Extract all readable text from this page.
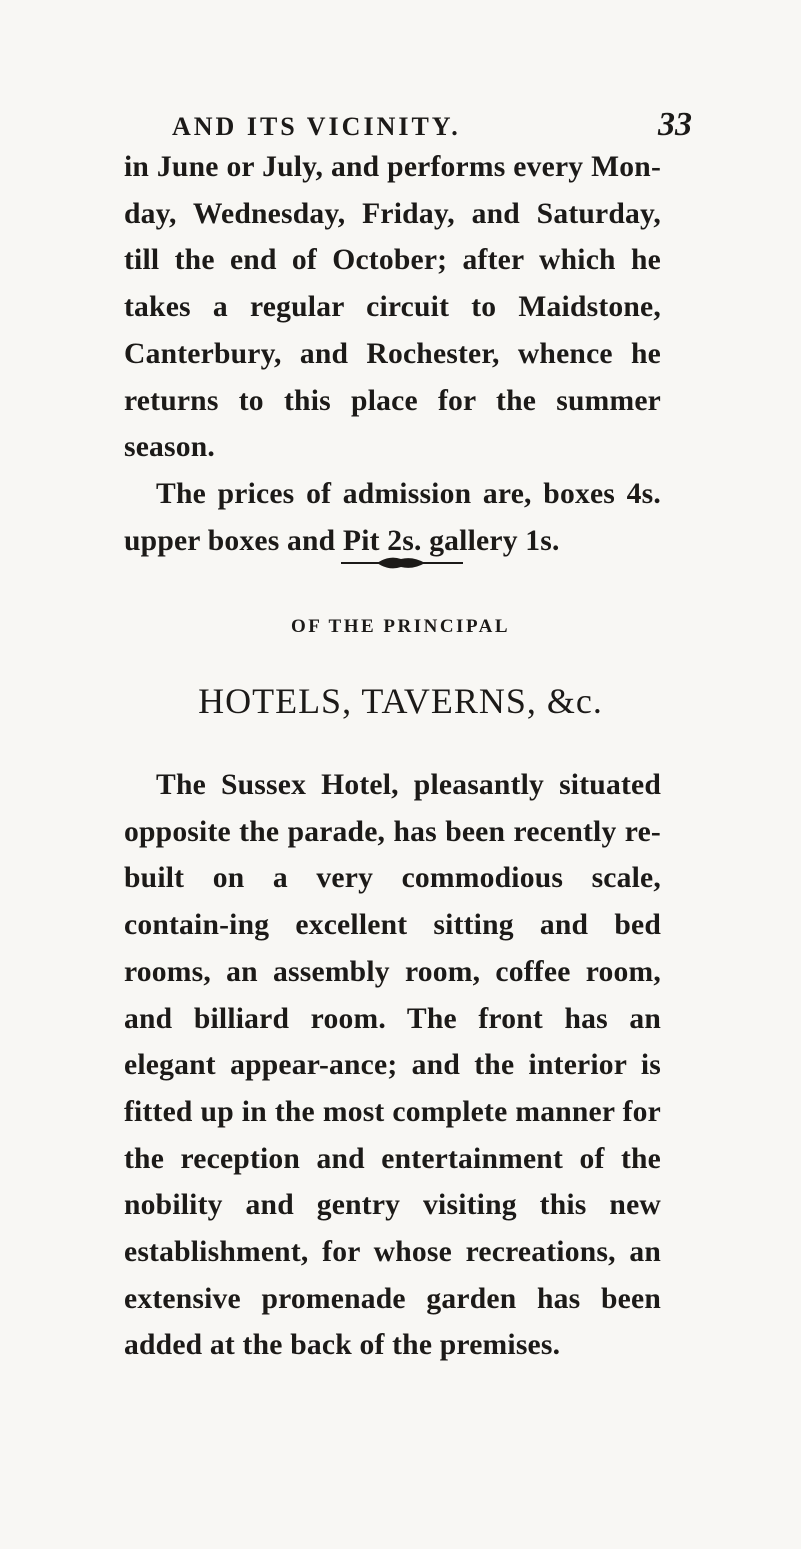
AND ITS VICINITY.	33

in June or July, and performs every Mon-day, Wednesday, Friday, and Saturday, till the end of October; after which he takes a regular circuit to Maidstone, Canterbury, and Rochester, whence he returns to this place for the summer season.

The prices of admission are, boxes 4s. upper boxes and Pit 2s. gallery 1s.

OF THE PRINCIPAL
HOTELS, TAVERNS, &c.

The Sussex Hotel, pleasantly situated opposite the parade, has been recently re-built on a very commodious scale, contain-ing excellent sitting and bed rooms, an assembly room, coffee room, and billiard room. The front has an elegant appear-ance; and the interior is fitted up in the most complete manner for the reception and entertainment of the nobility and gentry visiting this new establishment, for whose recreations, an extensive promenade garden has been added at the back of the premises.
